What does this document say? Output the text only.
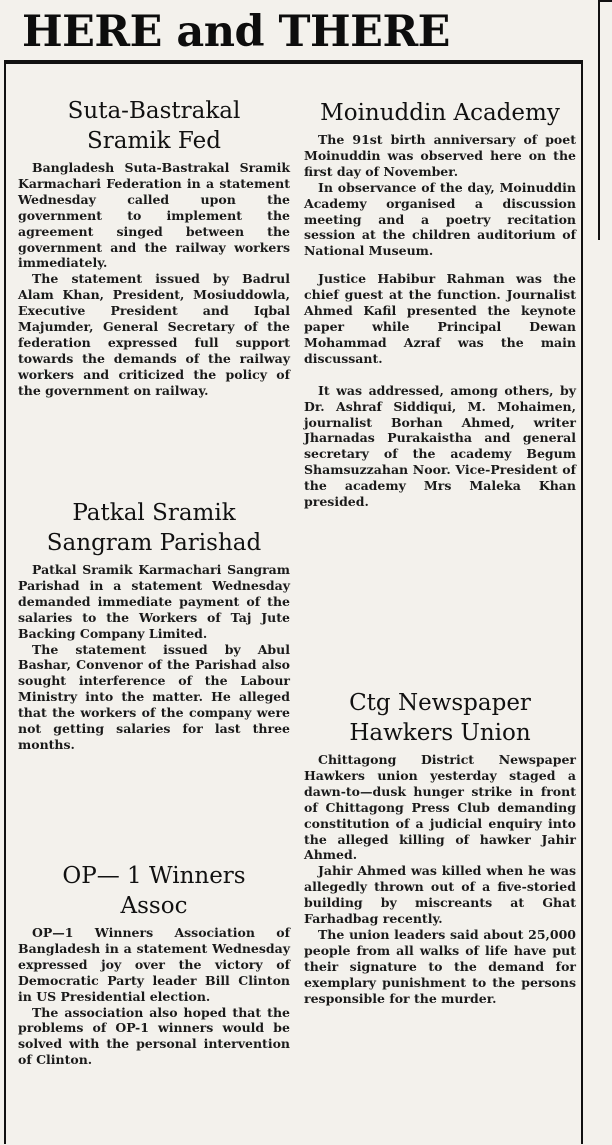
HERE and THERE
Suta-Bastrakal
Sramik Fed

Bangladesh Suta-Bastrakal Sramik Karmachari Federation in a statement Wednesday called upon the government to implement the agreement singed between the government and the railway workers immediately.

The statement issued by Badrul Alam Khan, President, Mosiuddowla, Executive President and Iqbal Majumder, General Secretary of the federation expressed full support towards the demands of the railway workers and criticized the policy of the government on railway.

Patkal Sramik
Sangram Parishad

Patkal Sramik Karmachari Sangram Parishad in a statement Wednesday demanded immediate payment of the salaries to the Workers of Taj Jute Backing Company Limited.

The statement issued by Abul Bashar, Convenor of the Parishad also sought interference of the Labour Ministry into the matter. He alleged that the workers of the company were not getting salaries for last three months.

OP— 1 Winners
Assoc

OP—1 Winners Association of Bangladesh in a statement Wednesday expressed joy over the victory of Democratic Party leader Bill Clinton in US Presidential election.

The association also hoped that the problems of OP-1 winners would be solved with the personal intervention of Clinton.

Moinuddin Academy

The 91st birth anniversary of poet Moinuddin was observed here on the first day of November.

In observance of the day, Moinuddin Academy organised a discussion meeting and a poetry recitation session at the children auditorium of National Museum.

Justice Habibur Rahman was the chief guest at the function. Journalist Ahmed Kafil presented the keynote paper while Principal Dewan Mohammad Azraf was the main discussant.

It was addressed, among others, by Dr. Ashraf Siddiqui, M. Mohaimen, journalist Borhan Ahmed, writer Jharnadas Purakaistha and general secretary of the academy Begum Shamsuzzahan Noor. Vice-President of the academy Mrs Maleka Khan presided.

Ctg Newspaper
Hawkers Union

Chittagong District Newspaper Hawkers union yesterday staged a dawn-to—dusk hunger strike in front of Chittagong Press Club demanding constitution of a judicial enquiry into the alleged killing of hawker Jahir Ahmed.

Jahir Ahmed was killed when he was allegedly thrown out of a five-storied building by miscreants at Ghat Farhadbag recently.

The union leaders said about 25,000 people from all walks of life have put their signature to the demand for exemplary punishment to the persons responsible for the murder.
